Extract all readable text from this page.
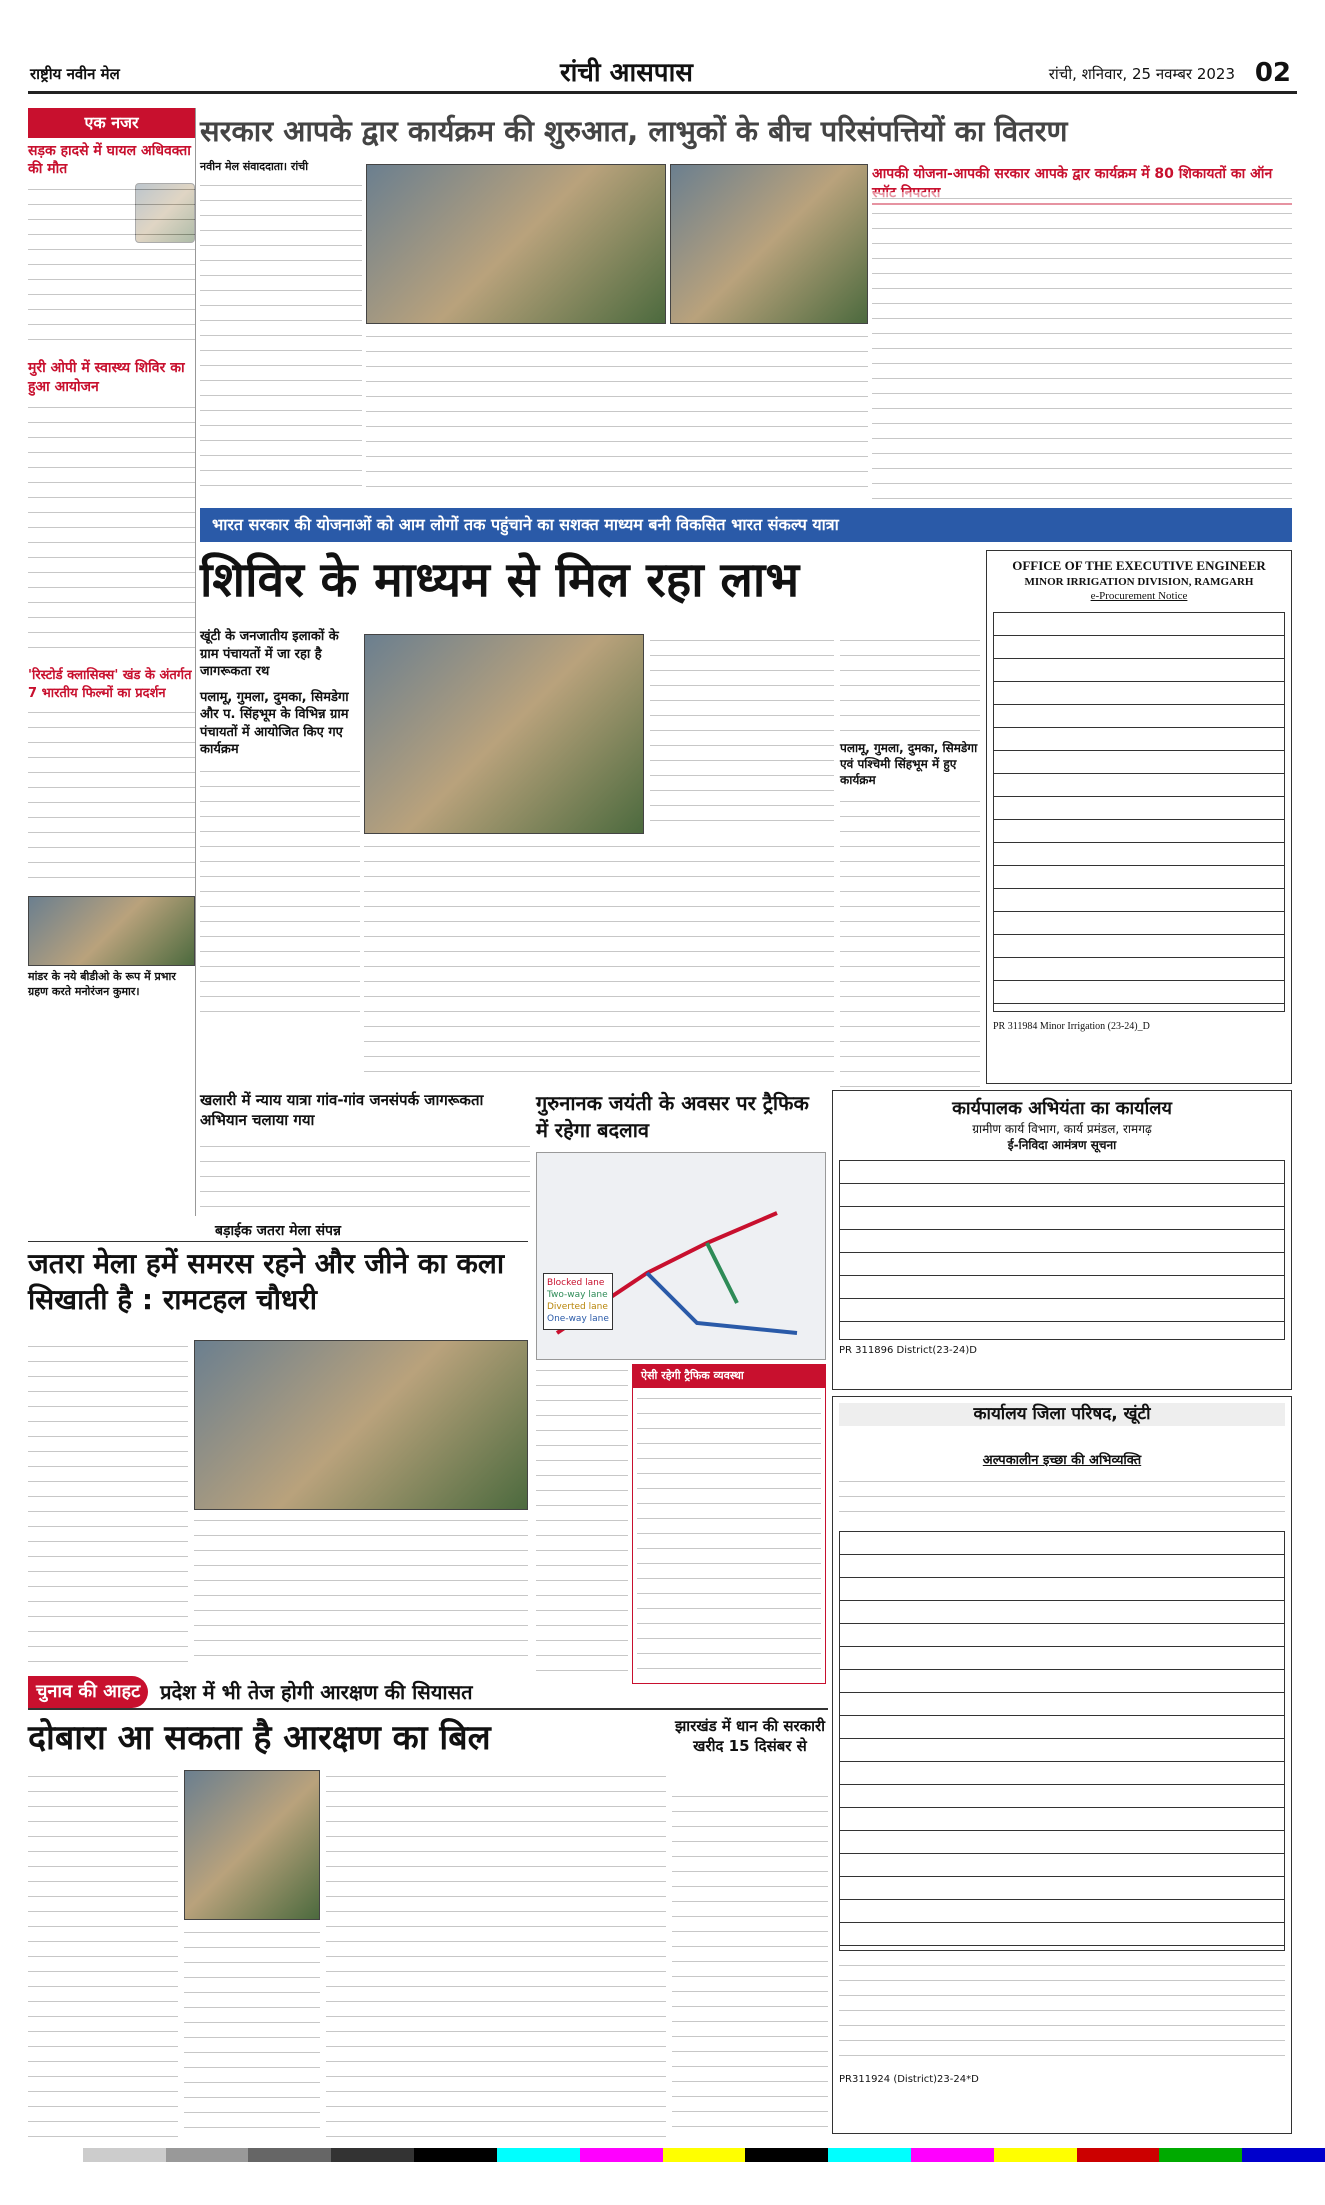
राष्ट्रीय नवीन मेल	रांची आसपास	रांची, शनिवार, 25 नवम्बर 2023 02
एक नजर
सड़क हादसे में घायल अधिवक्ता की मौत
मुरी ओपी में स्वास्थ्य शिविर का हुआ आयोजन
'रिस्टोर्ड क्लासिक्स' खंड के अंतर्गत 7 भारतीय फिल्मों का प्रदर्शन
मांडर के नये बीडीओ के रूप में प्रभार ग्रहण करते मनोरंजन कुमार।
सरकार आपके द्वार कार्यक्रम की शुरुआत, लाभुकों के बीच परिसंपत्तियों का वितरण
नवीन मेल संवाददाता। रांची	आपकी योजना-आपकी सरकार आपके द्वार कार्यक्रम में 80 शिकायतों का ऑन
भारत सरकार की योजनाओं को आम लोगों तक पहुंचाने का सशक्त माध्यम बनी विकसित भारत संकल्प यात्रा
शिविर के माध्यम से मिल रहा लाभ
खूंटी के जनजातीय इलाकों के ग्राम पंचायतों में जा रहा है जागरूकता रथ
पलामू, गुमला, दुमका, सिमडेगा और प. सिंहभूम के विभिन्न ग्राम पंचायतों में आयोजित किए गए कार्यक्रम	पलामू, गुमला, दुमका, सिमडेगा एवं पश्चिमी सिंहभूम में हुए कार्यक्रम
OFFICE OF THE EXECUTIVE ENGINEER
MINOR IRRIGATION DIVISION, RAMGARH
e-Procurement Notice
PR 311984 Minor Irrigation (23-24)_D
खलारी में न्याय यात्रा गांव-गांव जनसंपर्क जागरूकता अभियान चलाया गया
गुरुनानक जयंती के अवसर पर ट्रैफिक में रहेगा बदलाव
Blocked lane
Two-way lane
Diverted lane
One-way lane
ऐसी रहेगी ट्रैफिक व्यवस्था
कार्यपालक अभियंता का कार्यालय
ग्रामीण कार्य विभाग, कार्य प्रमंडल, रामगढ़
ई-निविदा आमंत्रण सूचना
PR 311896 District(23-24)D
बड़ाईक जतरा मेला संपन्न
जतरा मेला हमें समरस रहने और जीने का कला सिखाती है : रामटहल चौधरी
कार्यालय जिला परिषद, खूंटी
अल्पकालीन इच्छा की अभिव्यक्ति
PR311924 (District)23-24*D
चुनाव की आहट	प्रदेश में भी तेज होगी आरक्षण की सियासत
दोबारा आ सकता है आरक्षण का बिल	झारखंड में धान की सरकारी खरीद 15 दिसंबर से
